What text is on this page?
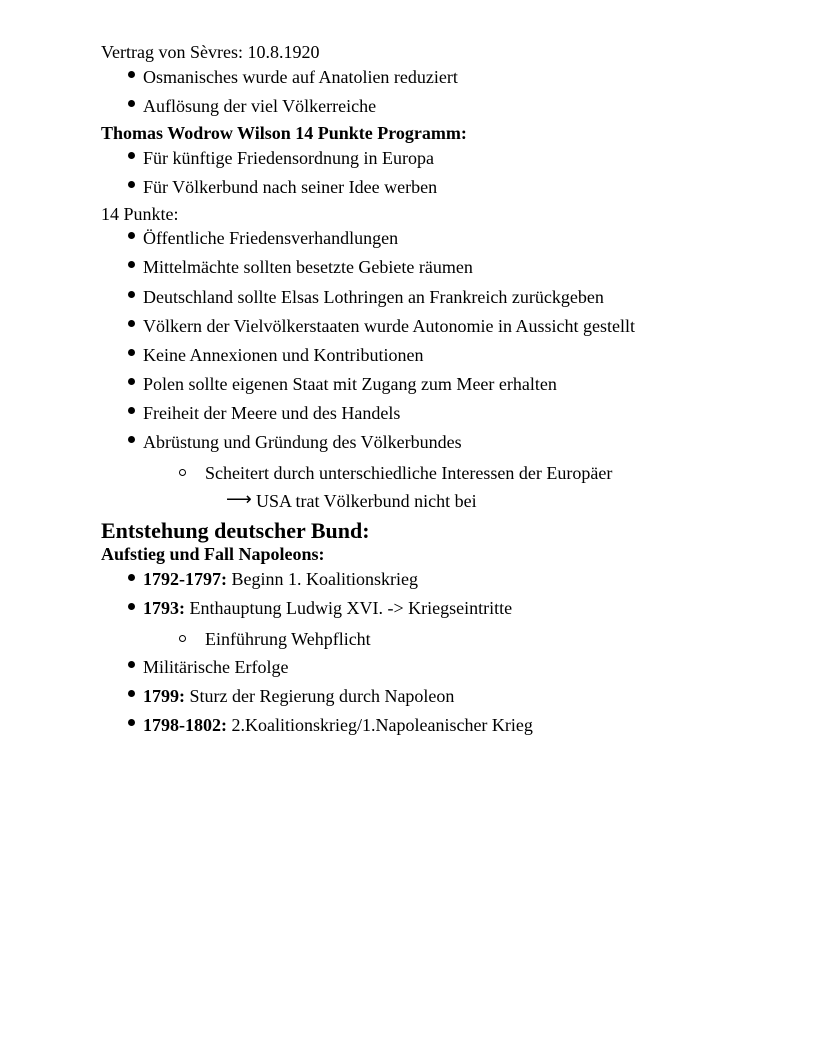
Vertrag von Sèvres: 10.8.1920
Osmanisches wurde auf Anatolien reduziert
Auflösung der viel Völkerreiche
Thomas Wodrow Wilson 14 Punkte Programm:
Für künftige Friedensordnung in Europa
Für Völkerbund nach seiner Idee werben
14 Punkte:
Öffentliche Friedensverhandlungen
Mittelmächte sollten besetzte Gebiete räumen
Deutschland sollte Elsas Lothringen an Frankreich zurückgeben
Völkern der Vielvölkerstaaten wurde Autonomie in Aussicht gestellt
Keine Annexionen und Kontributionen
Polen sollte eigenen Staat mit Zugang zum Meer erhalten
Freiheit der Meere und des Handels
Abrüstung und Gründung des Völkerbundes
Scheitert durch unterschiedliche Interessen der Europäer
⟶ USA trat Völkerbund nicht bei
Entstehung deutscher Bund:
Aufstieg und Fall Napoleons:
1792-1797: Beginn 1. Koalitionskrieg
1793: Enthauptung Ludwig XVI. -> Kriegseintritte
Einführung Wehpflicht
Militärische Erfolge
1799: Sturz der Regierung durch Napoleon
1798-1802: 2.Koalitionskrieg/1.Napoleanischer Krieg
